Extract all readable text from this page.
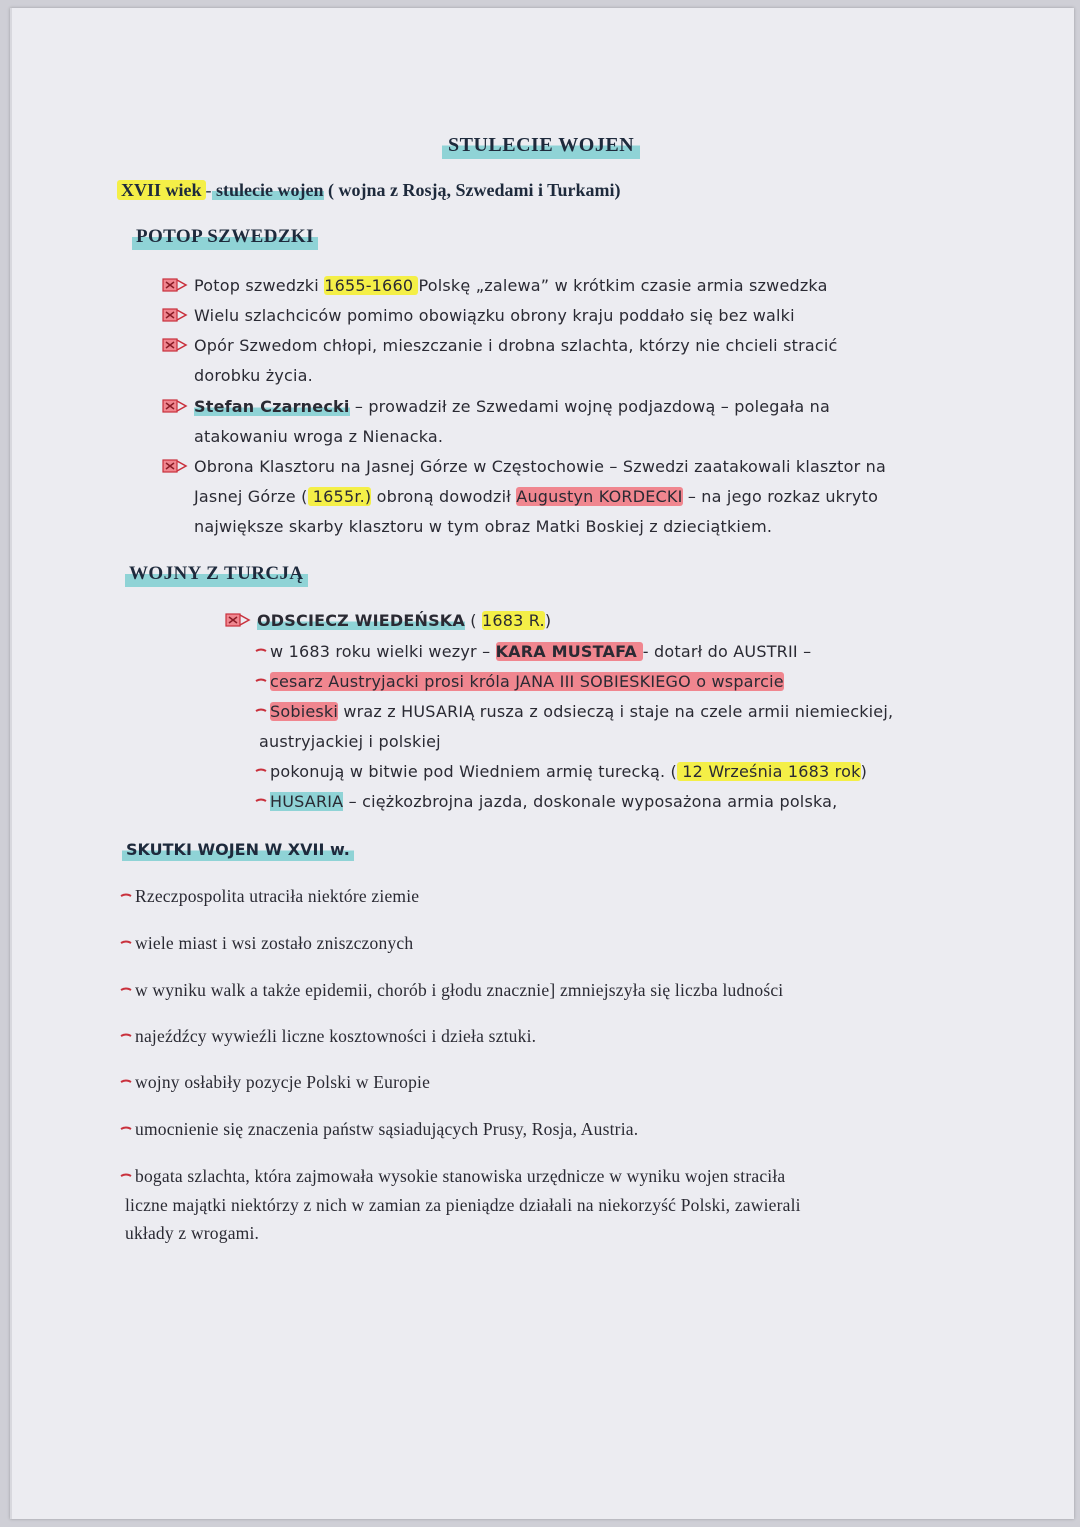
STULECIE WOJEN
XVII wiek - stulecie wojen ( wojna z Rosją, Szwedami i Turkami)
POTOP SZWEDZKI
Potop szwedzki 1655-1660 Polskę „zalewa” w krótkim czasie armia szwedzka
Wielu szlachciców pomimo obowiązku obrony kraju poddało się bez walki
Opór Szwedom chłopi, mieszczanie i drobna szlachta, którzy nie chcieli stracić
dorobku życia.
Stefan Czarnecki – prowadził ze Szwedami wojnę podjazdową – polegała na
atakowaniu wroga z Nienacka.
Obrona Klasztoru na Jasnej Górze w Częstochowie – Szwedzi zaatakowali klasztor na
Jasnej Górze ( 1655r.) obroną dowodził Augustyn KORDECKI – na jego rozkaz ukryto
największe skarby klasztoru w tym obraz Matki Boskiej z dzieciątkiem.
WOJNY Z TURCJĄ
ODSCIECZ WIEDEŃSKA ( 1683 R.)
w 1683 roku wielki wezyr – KARA MUSTAFA - dotarł do AUSTRII –
cesarz Austryjacki prosi króla JANA III SOBIESKIEGO o wsparcie
Sobieski wraz z HUSARIĄ rusza z odsieczą i staje na czele armii niemieckiej,
austryjackiej i polskiej
pokonują w bitwie pod Wiedniem armię turecką. ( 12 Września 1683 rok)
HUSARIA – ciężkozbrojna jazda, doskonale wyposażona armia polska,
SKUTKI WOJEN W XVII w.
Rzeczpospolita utraciła niektóre ziemie
wiele miast i wsi zostało zniszczonych
w wyniku walk a także epidemii, chorób i głodu znacznie] zmniejszyła się liczba ludności
najeźdźcy wywieźli liczne kosztowności i dzieła sztuki.
wojny osłabiły pozycje Polski w Europie
umocnienie się znaczenia państw sąsiadujących Prusy, Rosja, Austria.
bogata szlachta, która zajmowała wysokie stanowiska urzędnicze w wyniku wojen straciła
liczne majątki niektórzy z nich w zamian za pieniądze działali na niekorzyść Polski, zawierali
układy z wrogami.
